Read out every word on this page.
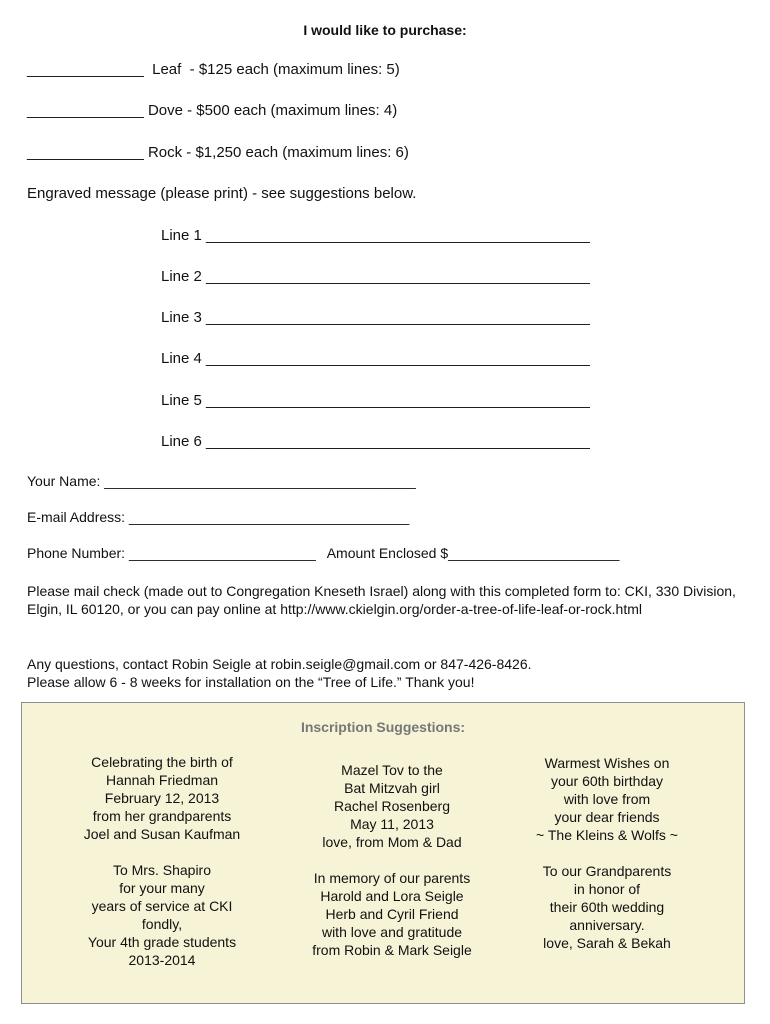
I would like to purchase:
______________  Leaf  - $125 each (maximum lines: 5)
______________ Dove - $500 each (maximum lines: 4)
______________ Rock - $1,250 each (maximum lines: 6)
Engraved message (please print) - see suggestions below.
Line 1 ______________________________________________
Line 2 ______________________________________________
Line 3 ______________________________________________
Line 4 ______________________________________________
Line 5 ______________________________________________
Line 6 ______________________________________________
Your Name: ________________________________________
E-mail Address: ____________________________________
Phone Number: ________________________   Amount Enclosed $______________________
Please mail check (made out to Congregation Kneseth Israel) along with this completed form to: CKI, 330 Division, Elgin, IL 60120, or you can pay online at http://www.ckielgin.org/order-a-tree-of-life-leaf-or-rock.html
Any questions, contact Robin Seigle at robin.seigle@gmail.com or 847-426-8426.
Please allow 6 - 8 weeks for installation on the “Tree of Life.” Thank you!
Inscription Suggestions:

Celebrating the birth of

Hannah Friedman

February 12, 2013

from her grandparents

Joel and Susan Kaufman

To Mrs. Shapiro

for your many

years of service at CKI

fondly,

Your 4th grade students

2013-2014

Mazel Tov to the

Bat Mitzvah girl

Rachel Rosenberg

May 11, 2013

love, from Mom & Dad

In memory of our parents

Harold and Lora Seigle

Herb and Cyril Friend

with love and gratitude

from Robin & Mark Seigle

Warmest Wishes on

your 60th birthday

with love from

your dear friends

~ The Kleins & Wolfs ~

To our Grandparents

in honor of

their 60th wedding

anniversary.

love, Sarah & Bekah
